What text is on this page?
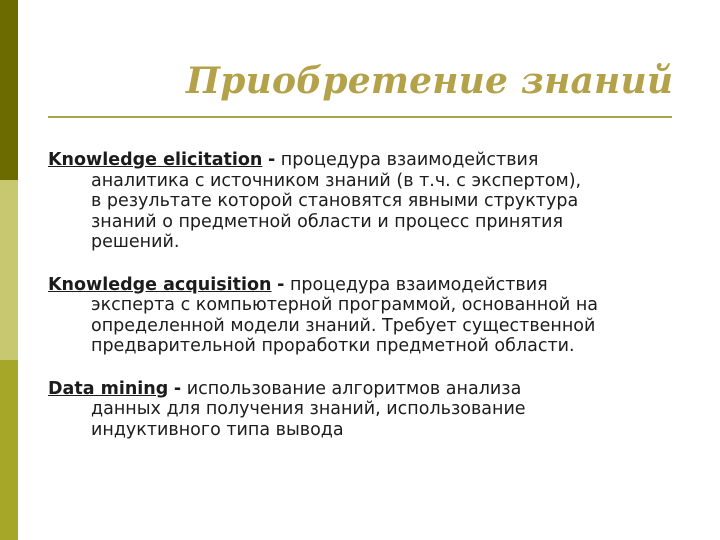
Приобретение знаний

Knowledge elicitation - процедура взаимодействия
аналитика с источником знаний (в т.ч. с экспертом),
в результате которой становятся явными структура
знаний о предметной области и процесс принятия
решений.

Knowledge acquisition - процедура взаимодействия
эксперта с компьютерной программой, основанной на
определенной модели знаний. Требует существенной
предварительной проработки предметной области.

Data mining - использование алгоритмов анализа
данных для получения знаний, использование
индуктивного типа вывода
